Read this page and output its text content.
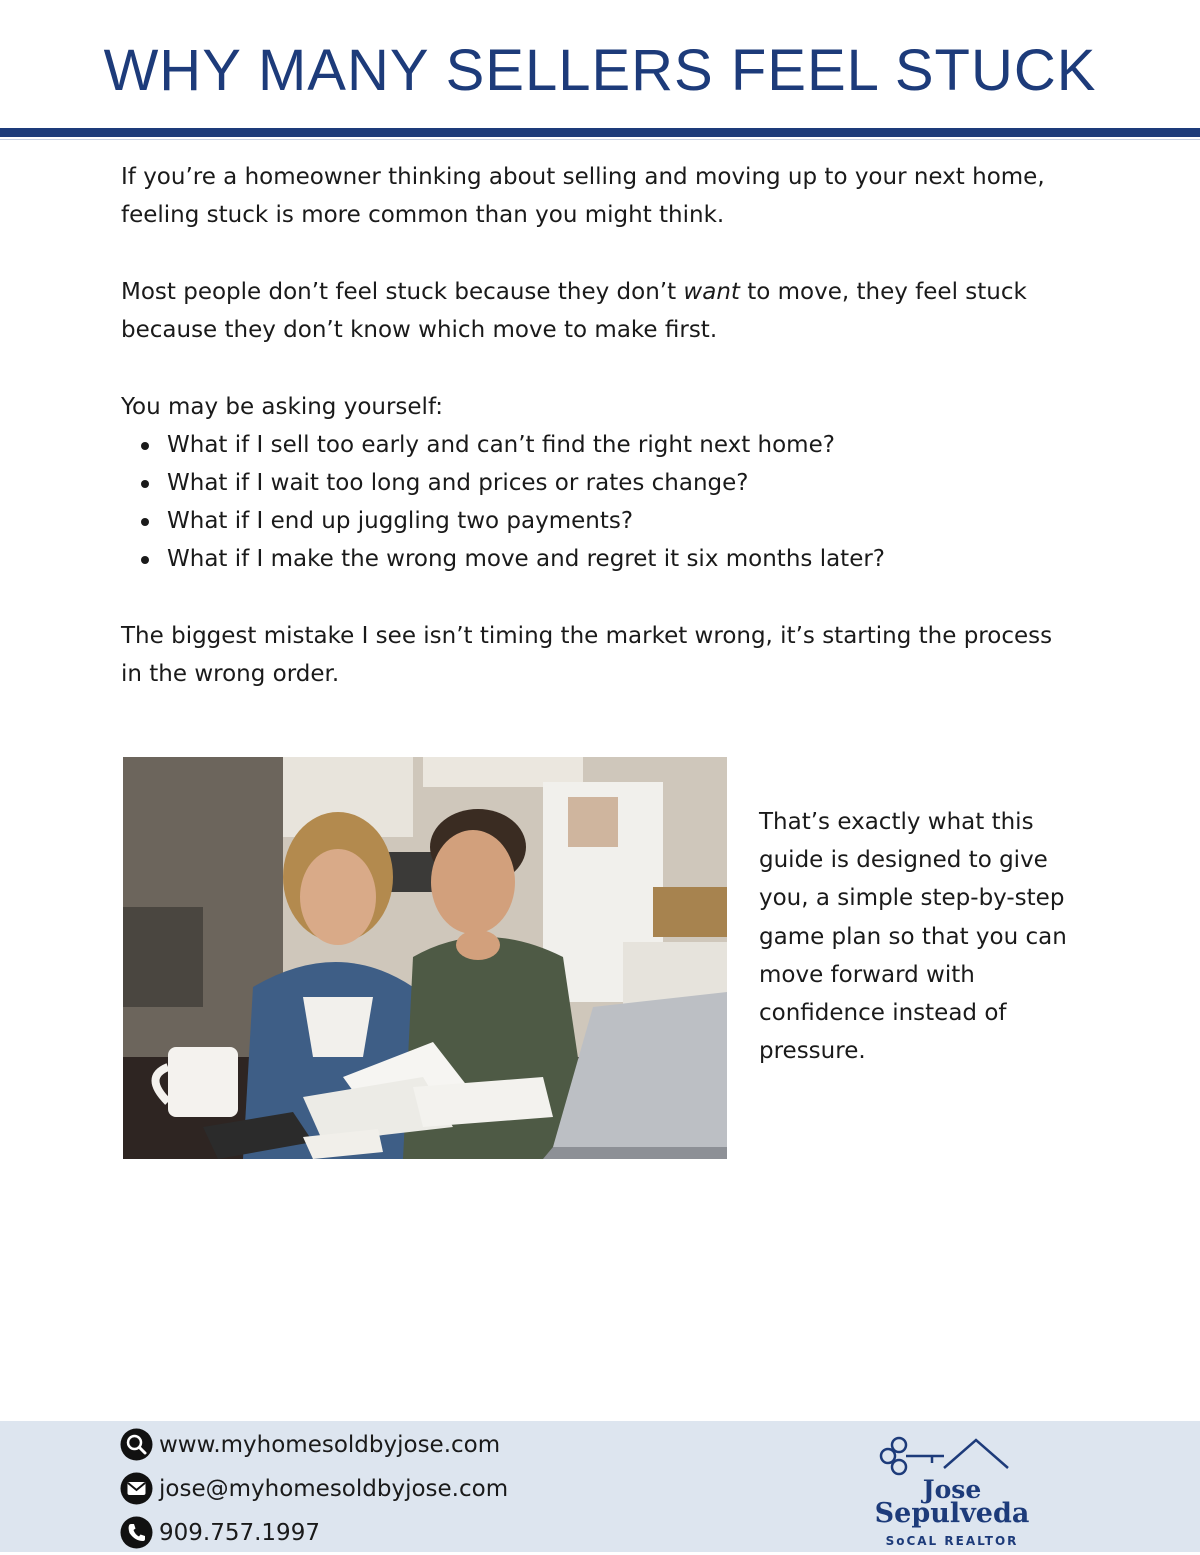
WHY MANY SELLERS FEEL STUCK

If you’re a homeowner thinking about selling and moving up to your next home, feeling stuck is more common than you might think.

Most people don’t feel stuck because they don’t want to move, they feel stuck because they don’t know which move to make first.

You may be asking yourself:

What if I sell too early and can’t find the right next home?
What if I wait too long and prices or rates change?
What if I end up juggling two payments?
What if I make the wrong move and regret it six months later?

The biggest mistake I see isn’t timing the market wrong, it’s starting the process in the wrong order.

That’s exactly what this guide is designed to give you, a simple step-by-step game plan so that you can move forward with confidence instead of pressure.

www.myhomesoldbyjose.com
jose@myhomesoldbyjose.com
909.757.1997
Jose
Sepulveda
SoCAL REALTOR
